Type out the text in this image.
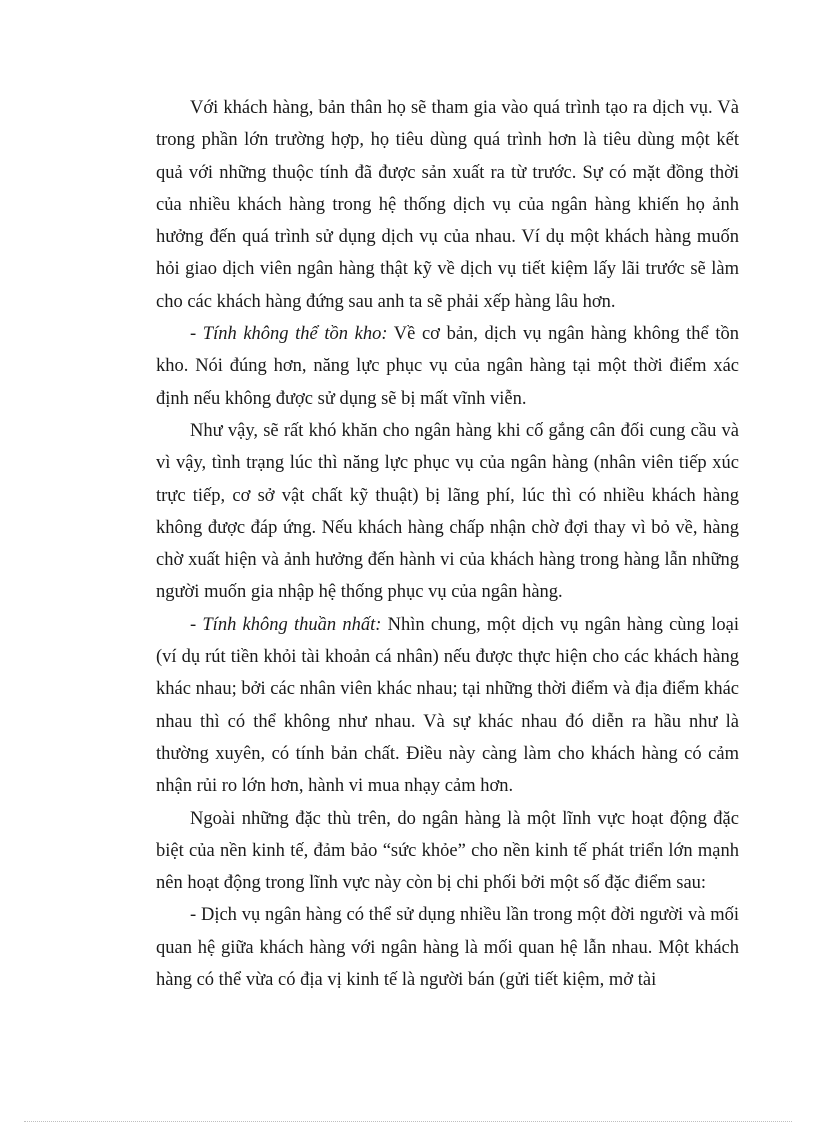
Với khách hàng, bản thân họ sẽ tham gia vào quá trình tạo ra dịch vụ. Và trong phần lớn trường hợp, họ tiêu dùng quá trình hơn là tiêu dùng một kết quả với những thuộc tính đã được sản xuất ra từ trước. Sự có mặt đồng thời của nhiều khách hàng trong hệ thống dịch vụ của ngân hàng khiến họ ảnh hưởng đến quá trình sử dụng dịch vụ của nhau. Ví dụ một khách hàng muốn hỏi giao dịch viên ngân hàng thật kỹ về dịch vụ tiết kiệm lấy lãi trước sẽ làm cho các khách hàng đứng sau anh ta sẽ phải xếp hàng lâu hơn.

- Tính không thể tồn kho: Về cơ bản, dịch vụ ngân hàng không thể tồn kho. Nói đúng hơn, năng lực phục vụ của ngân hàng tại một thời điểm xác định nếu không được sử dụng sẽ bị mất vĩnh viễn.

Như vậy, sẽ rất khó khăn cho ngân hàng khi cố gắng cân đối cung cầu và vì vậy, tình trạng lúc thì năng lực phục vụ của ngân hàng (nhân viên tiếp xúc trực tiếp, cơ sở vật chất kỹ thuật) bị lãng phí, lúc thì có nhiều khách hàng không được đáp ứng. Nếu khách hàng chấp nhận chờ đợi thay vì bỏ về, hàng chờ xuất hiện và ảnh hưởng đến hành vi của khách hàng trong hàng lẫn những người muốn gia nhập hệ thống phục vụ của ngân hàng.

- Tính không thuần nhất: Nhìn chung, một dịch vụ ngân hàng cùng loại (ví dụ rút tiền khỏi tài khoản cá nhân) nếu được thực hiện cho các khách hàng khác nhau; bởi các nhân viên khác nhau; tại những thời điểm và địa điểm khác nhau thì có thể không như nhau. Và sự khác nhau đó diễn ra hầu như là thường xuyên, có tính bản chất. Điều này càng làm cho khách hàng có cảm nhận rủi ro lớn hơn, hành vi mua nhạy cảm hơn.

Ngoài những đặc thù trên, do ngân hàng là một lĩnh vực hoạt động đặc biệt của nền kinh tế, đảm bảo “sức khỏe” cho nền kinh tế phát triển lớn mạnh nên hoạt động trong lĩnh vực này còn bị chi phối bởi một số đặc điểm sau:

- Dịch vụ ngân hàng có thể sử dụng nhiều lần trong một đời người và mối quan hệ giữa khách hàng với ngân hàng là mối quan hệ lẫn nhau. Một khách hàng có thể vừa có địa vị kinh tế là người bán (gửi tiết kiệm, mở tài
